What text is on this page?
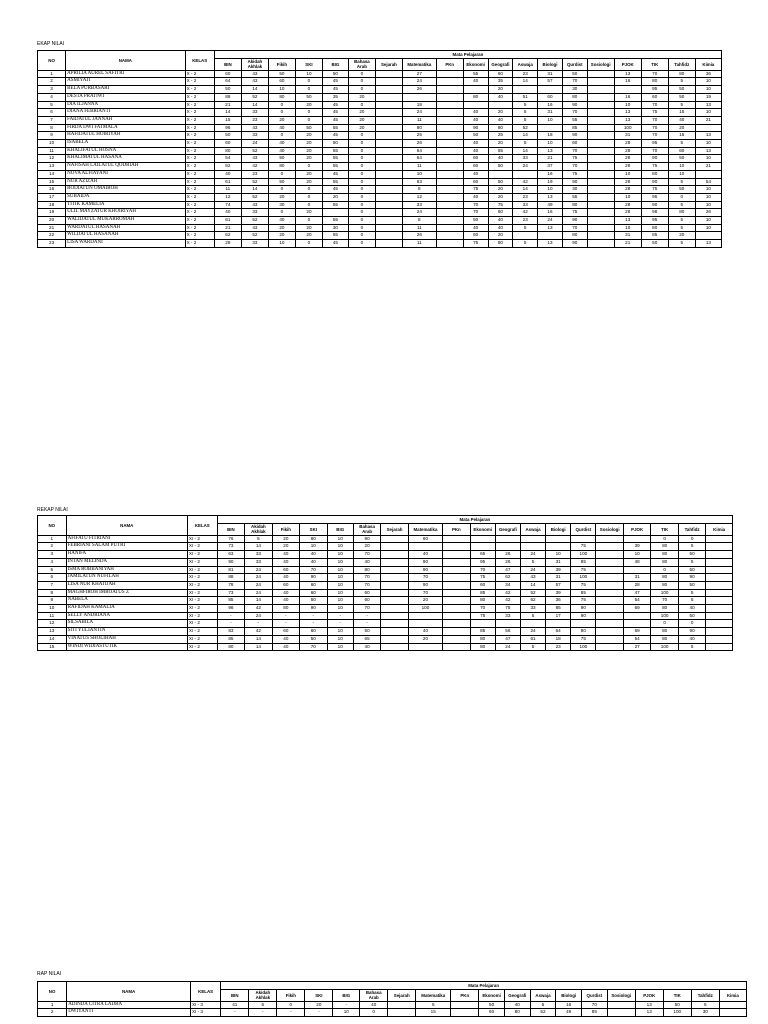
EKAP NILAI
NO	NAMA	KELAS	Mata Pelajaran																		
			BIN	Akidah Akhlak	Fikih	SKI	BIG	Bahasa Arab	Sejarah	Matematika	PKn	Ekonomi	Geografi	Aswaja	Biologi	Qurdist	Sosiologi	PJOK	TIK	Tahfidz	Kimia
1	APRILIA AUREL SAFITRI	X - 2	60	43	50	10	50	0		27		55	60	23	31	50		13	70	80	36
2	ASMIYATI	X - 2	64	43	60	0	45	0		24		40	35	14	57	70		16	80	5	10
3	BELA PURBASARI	X - 2	50	14	10	0	45	0		26			20			30			95	50	10
4	DESTA PRATIWI	X - 2	88	52	80	50	35	20				80	40	51	60	80		16	60	50	19
5	DIA ILJANNA	X - 2	21	14	0	20	45	0		18				5	16	90		10	70	5	13
6	DIANA FEBRIANTI	X - 2	14	33	0	0	45	20		24		40	20	5	31	70		13	75	15	10
7	FAIDATUL JANNAH	X - 2	15	23	20	0	45	20		11		40	40	5	10	55		13	70	40	21
8	FIRDA DWI FATMALA	X - 2	96	43	40	50	55	20		90		90	80	52		85		100	70	20	
9	HAFIDATUL HOIRIYAH	X - 2	50	33	0	20	45	0		25		50	25	14	18	90		31	70	15	13
10	ISABELA	X - 2	60	24	40	20	50	0		26		40	20	5	10	60		28	95	5	10
11	KHALIFATUL HOSNA	X - 2	80	52	40	20	55	0		64		40	65	14	13	70		28	70	60	13
12	KHALIMATUL HASANA	X - 2	54	43	50	20	55	0		64		60	40	33	21	75		28	90	50	10
13	NAFISAH LAILATUL QODRIAH	X - 2	82	42	80	0	55	0		11		60	50	24	37	70		28	75	10	21
14	NOVA ALFIAYANI	X - 2	40	23	0	20	45	0		10		40			16	75		10	80	10	
15	NUR AZIZAH	X - 2	61	52	50	20	55	0		63		60	50	42	19	90		28	90	5	54
16	RODIATUN OMAIROH	X - 2	11	14	0	0	45	0		8		75	20	14	10	30		28	75	50	10
17	SUBAIDA	X - 2	12	52	20	0	20	0		12		40	20	23	13	55		10	95	0	10
18	TITIK KAMELIA	X - 2	74	43	30	0	55	0		33		70	75	33	49	80		28	90	5	10
19	ULIL MAYZATUR KHOIRIYAH	X - 2	40	33	0	20		0		24		70	60	42	16	75		28	98	80	26
20	WALIDATUL MUKARROMAH	X - 2	61	52	40	0	55	0		8		50	40	23	24	90		13	95	5	10
21	WARDATUL HASANAH	X - 2	21	43	20	20	30	0		11		40	40	5	13	70		10	80	5	10
22	WILDATUL HASANAH	X - 2	62	52	20	20	55	0		26		60	20			80		31	85	20	
23	LISA WARDANI	X - 2	28	33	10	0	45	0		11		75	80	5	13	90		21	50	5	13
REKAP NILAI
NO	NAMA	KELAS	Mata Pelajaran																		
			BIN	Akidah Akhlak	Fikih	SKI	BIG	Bahasa Arab	Sejarah	Matematika	PKn	Ekonomi	Geografi	Aswaja	Biologi	Qurdist	Sosiologi	PJOK	TIK	Tahfidz	Kimia
1	AFIFATU FITRIANI	XI - 2	76	5	20	80	10	90		60									0	0	
2	FEBRIANI SALAM PUTRI	XI - 2	73	14	20	10	10	20								75		39	80	5	
3	HANIFA	XI - 2	63	33	40	40	10	70		40		65	26	24	10	100		10	80	50	
4	INTAN MELINDA	XI - 2	90	33	40	40	10	40		90		95	26	5	31	85		48	80	5	
5	ISMA ROBBANIYAH	XI - 2	81	24	60	70	10	80		90		70	47	24	39	75			0	50	
6	JAMILATUN NUFILAH	XI - 2	88	24	40	90	10	70		70		75	62	43	31	100		31	80	90	
7	LISA NUR KHATIJAH	XI - 2	78	24	60	60	10	70		90		60	34	14	57	75		28	80	50	
8	MAGHFIROH IMROATUS Z	XI - 2	73	24	40	60	10	60		70		85	42	52	39	85		47	100	5	
9	NABELA	XI - 2	85	14	40	50	10	60		20		80	42	62	36	75		54	70	5	
10	RAFIDAH KAMALIA	XI - 2	98	42	80	90	10	70		100		70	75	33	85	90		69	80	40	
11	SELLY ANDRIANA	XI - 2	-	24	-	-	-	-				75	33	5	17	90			100	50	
12	SILSABILA	XI - 2	-	-	-	-	-	-											0	0	
13	SITI YULIANTIN	XI - 2	83	42	60	60	10	50		40		85	56	24	64	80		69	80	90	
14	VINATUS SHOLIHAH	XI - 2	85	14	40	50	10	65		20		80	47	61	18	75		54	80	40	
15	WINDI WIDIASTUTIK	XI - 2	80	14	40	70	10	40				80	24	5	23	100		27	100	5	
RAP NILAI
NO	NAMA	KELAS	Mata Pelajaran																		
			BIN	Akidah Akhlak	Fikih	SKI	BIG	Bahasa Arab	Sejarah	Matematika	PKn	Ekonomi	Geografi	Aswaja	Biologi	Qurdist	Sosiologi	PJOK	TIK	Tahfidz	Kimia
1	ADINDA CITRA LADRA	XI - 3	41	5	0	20	-	40		5		50	40	5	16	70		13	50	5	
2	DWIYANTI	XI - 3	-	-	-	-	10	0		15		60	80	52	49	85		13	100	30	
